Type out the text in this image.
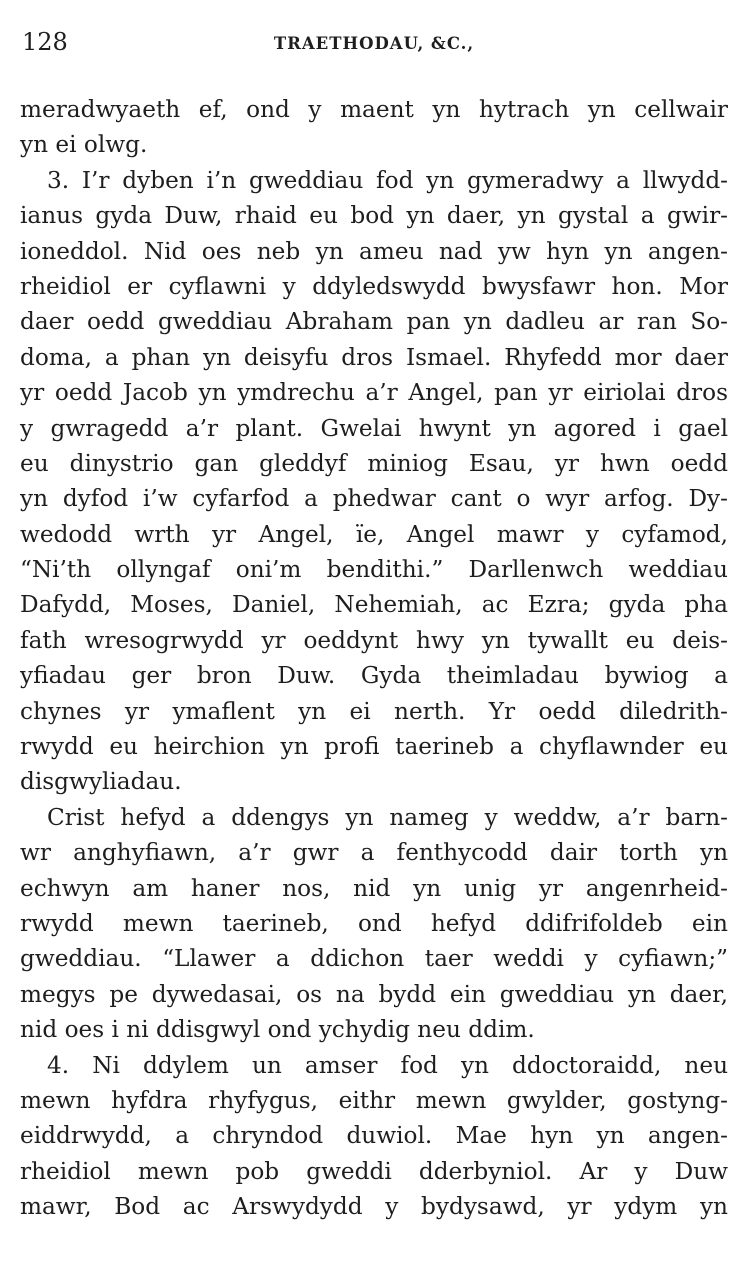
128	TRAETHODAU, &C.,
meradwyaeth ef, ond y maent yn hytrach yn cellwair
yn ei olwg.
3. I’r dyben i’n gweddiau fod yn gymeradwy a llwydd-
ianus gyda Duw, rhaid eu bod yn daer, yn gystal a gwir-
ioneddol. Nid oes neb yn ameu nad yw hyn yn angen-
rheidiol er cyflawni y ddyledswydd bwysfawr hon. Mor
daer oedd gweddiau Abraham pan yn dadleu ar ran So-
doma, a phan yn deisyfu dros Ismael. Rhyfedd mor daer
yr oedd Jacob yn ymdrechu a’r Angel, pan yr eiriolai dros
y gwragedd a’r plant. Gwelai hwynt yn agored i gael
eu dinystrio gan gleddyf miniog Esau, yr hwn oedd
yn dyfod i’w cyfarfod a phedwar cant o wyr arfog. Dy-
wedodd wrth yr Angel, ïe, Angel mawr y cyfamod,
“Ni’th ollyngaf oni’m bendithi.” Darllenwch weddiau
Dafydd, Moses, Daniel, Nehemiah, ac Ezra; gyda pha
fath wresogrwydd yr oeddynt hwy yn tywallt eu deis-
yfiadau ger bron Duw. Gyda theimladau bywiog a
chynes yr ymaflent yn ei nerth. Yr oedd diledrith-
rwydd eu heirchion yn profi taerineb a chyflawnder eu
disgwyliadau.
Crist hefyd a ddengys yn nameg y weddw, a’r barn-
wr anghyfiawn, a’r gwr a fenthycodd dair torth yn
echwyn am haner nos, nid yn unig yr angenrheid-
rwydd mewn taerineb, ond hefyd ddifrifoldeb ein
gweddiau. “Llawer a ddichon taer weddi y cyfiawn;”
megys pe dywedasai, os na bydd ein gweddiau yn daer,
nid oes i ni ddisgwyl ond ychydig neu ddim.
4. Ni ddylem un amser fod yn ddoctoraidd, neu
mewn hyfdra rhyfygus, eithr mewn gwylder, gostyng-
eiddrwydd, a chryndod duwiol. Mae hyn yn angen-
rheidiol mewn pob gweddi dderbyniol. Ar y Duw
mawr, Bod ac Arswydydd y bydysawd, yr ydym yn
